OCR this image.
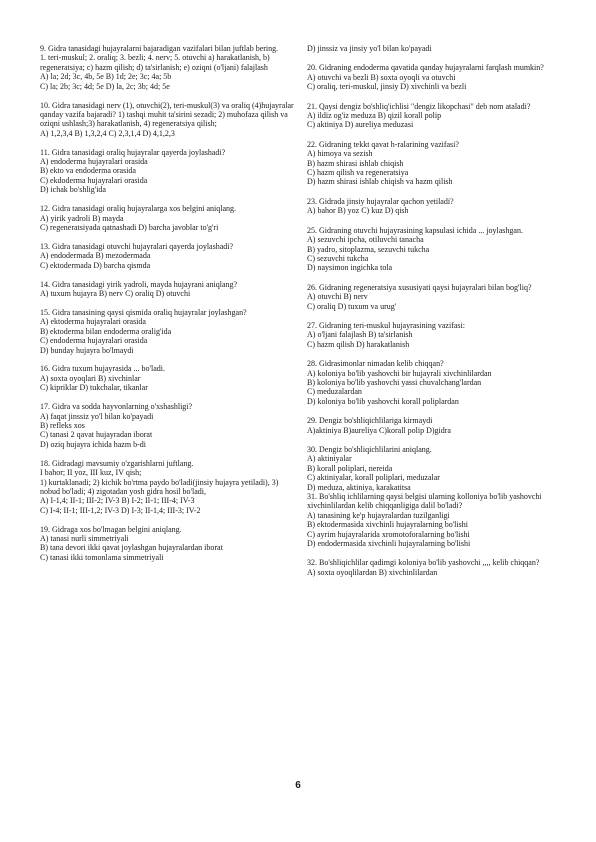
9. Gidra tanasidagi hujayralarni bajaradigan vazifalari bilan juftlab bering.

1. teri-muskul; 2. oraliq; 3. bezli; 4. nerv; 5. otuvchi a) harakatlanish, b) regeneratsiya; c) hazm qilish; d) ta'sirlanish; e) oziqni (o'ljani) falajlash

A) la; 2d; 3c, 4b, 5e B) 1d; 2e; 3c; 4a; 5b

C) la; 2b; 3c; 4d; 5e D) la, 2c; 3b; 4d; 5e

10. Gidra tanasidagi nerv (1), otuvchi(2), teri-muskul(3) va oraliq (4)hujayralar qanday vazifa bajaradi? 1) tashqi muhit ta'sirini sezadi; 2) muhofaza qilish va oziqni ushlash;3) harakatlanish, 4) regeneratsiya qilish;

A) 1,2,3,4 B) 1,3,2,4 C) 2,3,1,4 D) 4,1,2,3

11. Gidra tanasidagi oraliq hujayralar qayerda joylashadi?

A) endoderma hujayralari orasida

B) ekto va endoderma orasida

C) ekdoderma hujayralari orasida

D) ichak bo'shlig'ida

12. Gidra tanasidagi oraliq hujayralarga xos belgini aniqlang.

A) yirik yadroli B) mayda

C) regeneratsiyada qatnashadi D) barcha javoblar to'g'ri

13. Gidra tanasidagi otuvchi hujayralari qayerda joylashadi?

A) endodermada B) mezodermada

C) ektodermada D) barcha qismda

14. Gidra tanasidagi yirik yadroli, mayda hujayrani aniqlang?

A) tuxum hujayra B) nerv C) oraliq D) otuvchi

15. Gidra tanasining qaysi qismida oraliq hujayralar joylashgan?

A) ektoderma hujayralari orasida

B) ektoderma bilan endoderma oralig'ida

C) endoderma hujayralari orasida

D) bunday hujayra bo'lmaydi

16. Gidra tuxum hujayrasida ... bo'ladi.

A) soxta oyoqlari B) xivchinlar

C) kipriklar D) tukchalar, tikanlar

17. Gidra va sodda hayvonlarning o'xshashligi?

A) faqat jinssiz yo'l bilan ko'payadi

B) refleks xos

C) tanasi 2 qavat hujayradan iborat

D) oziq hujayra ichida hazm b-di

18. Gidradagi mavsumiy o'zgarishlarni juftlang.

I bahor; II yoz, III kuz, IV qish;

1) kurtaklanadi; 2) kichik bo'rtma paydo bo'ladi(jinsiy hujayra yetiladi), 3) nobud bo'ladi; 4) zigotadan yosh gidra hosil bo'ladi,

A) I-1,4; II-1; III-2; IV-3 B) I-2; II-1; III-4; IV-3

C) I-4; II-1; III-1,2; IV-3 D) I-3; II-1,4; III-3; IV-2

19. Gidraga xos bo'lmagan belgini aniqlang.

A) tanasi nurli simmetriyali

B) tana devori ikki qavat joylashgan hujayralardan iborat

C) tanasi ikki tomonlama simmetriyali

D) jinssiz va jinsiy yo'l bilan ko'payadi

20. Gidraning endoderma qavatida qanday hujayralarni farqlash mumkin?

A) otuvchi va bezli B) soxta oyoqli va otuvchi

C) oraliq, teri-muskul, jinsiy D) xivchinli va bezli

21. Qaysi dengiz bo'shliq'ichlisi "dengiz likopchasi" deb nom ataladi?

A) ildiz og'iz meduza B) qizil korall polip

C) aktiniya D) aureliya meduzasi

22. Gidraning tekkt qavat h-ralarining vazifasi?

A) himoya va sezish

B) hazm shirasi ishlab chiqish

C) hazm qilish va regeneratsiya

D) hazm shirasi ishlab chiqish va hazm qilish

23. Gidrada jinsiy hujayralar qachon yetiladi?

A) bahor B) yoz C) kuz D) qish

25. Gidraning otuvchi hujayrasining kapsulasi ichida ... joylashgan.

A) sezuvchi ipcha, otiluvchi tanacha

B) yadro, sitoplazma, sezuvchi tukcha

C) sezuvchi tukcha

D) naysimon ingichka tola

26. Gidraning regeneratsiya xususiyati qaysi hujayralari bilan bog'liq?

A) otuvchi B) nerv

C) oraliq D) tuxum va urug'

27. Gidraning teri-muskul hujayrasining vazifasi:

A) o'ljani falajlash B) ta'sirlanish

C) hazm qilish D) harakatlanish

28. Gidrasimonlar nimadan kelib chiqqan?

A) koloniya bo'lib yashovchi bir hujayrali xivchinlilardan

B) koloniya bo'lib yashovchi yassi chuvalchang'lardan

C) meduzalardan

D) koloniya bo'lib yashovchi korall poliplardan

29. Dengiz bo'shliqichlilariga kirmaydi

A)aktiniya B)aureliya C)korall polip D)gidra

30. Dengiz bo'shliqichlilarini aniqlang.

A) aktiniyalar

B) korall poliplari, nereida

C) aktiniyalar, korall poliplari, meduzalar

D) meduza, aktiniya, karakatitsa

31. Bo'shliq ichlilarning qaysi belgisi ularning kolloniya bo'lib yashovchi xivchinlilardan kelib chiqqanligiga dalil bo'ladi?

A) tanasining ke'p hujayralardan tuzilganligi

B) ektodermasida xivchinli hujayralarning bo'lishi

C) ayrim hujayralarida xromotoforalarning bo'lishi

D) endodermasida xivchinli hujayralarning bo'lishi

32. Bo'shliqichlilar qadimgi koloniya bo'lib yashovchi ,,,, kelib chiqqan?

A) soxta oyoqlilardan B) xivchinlilardan

6
